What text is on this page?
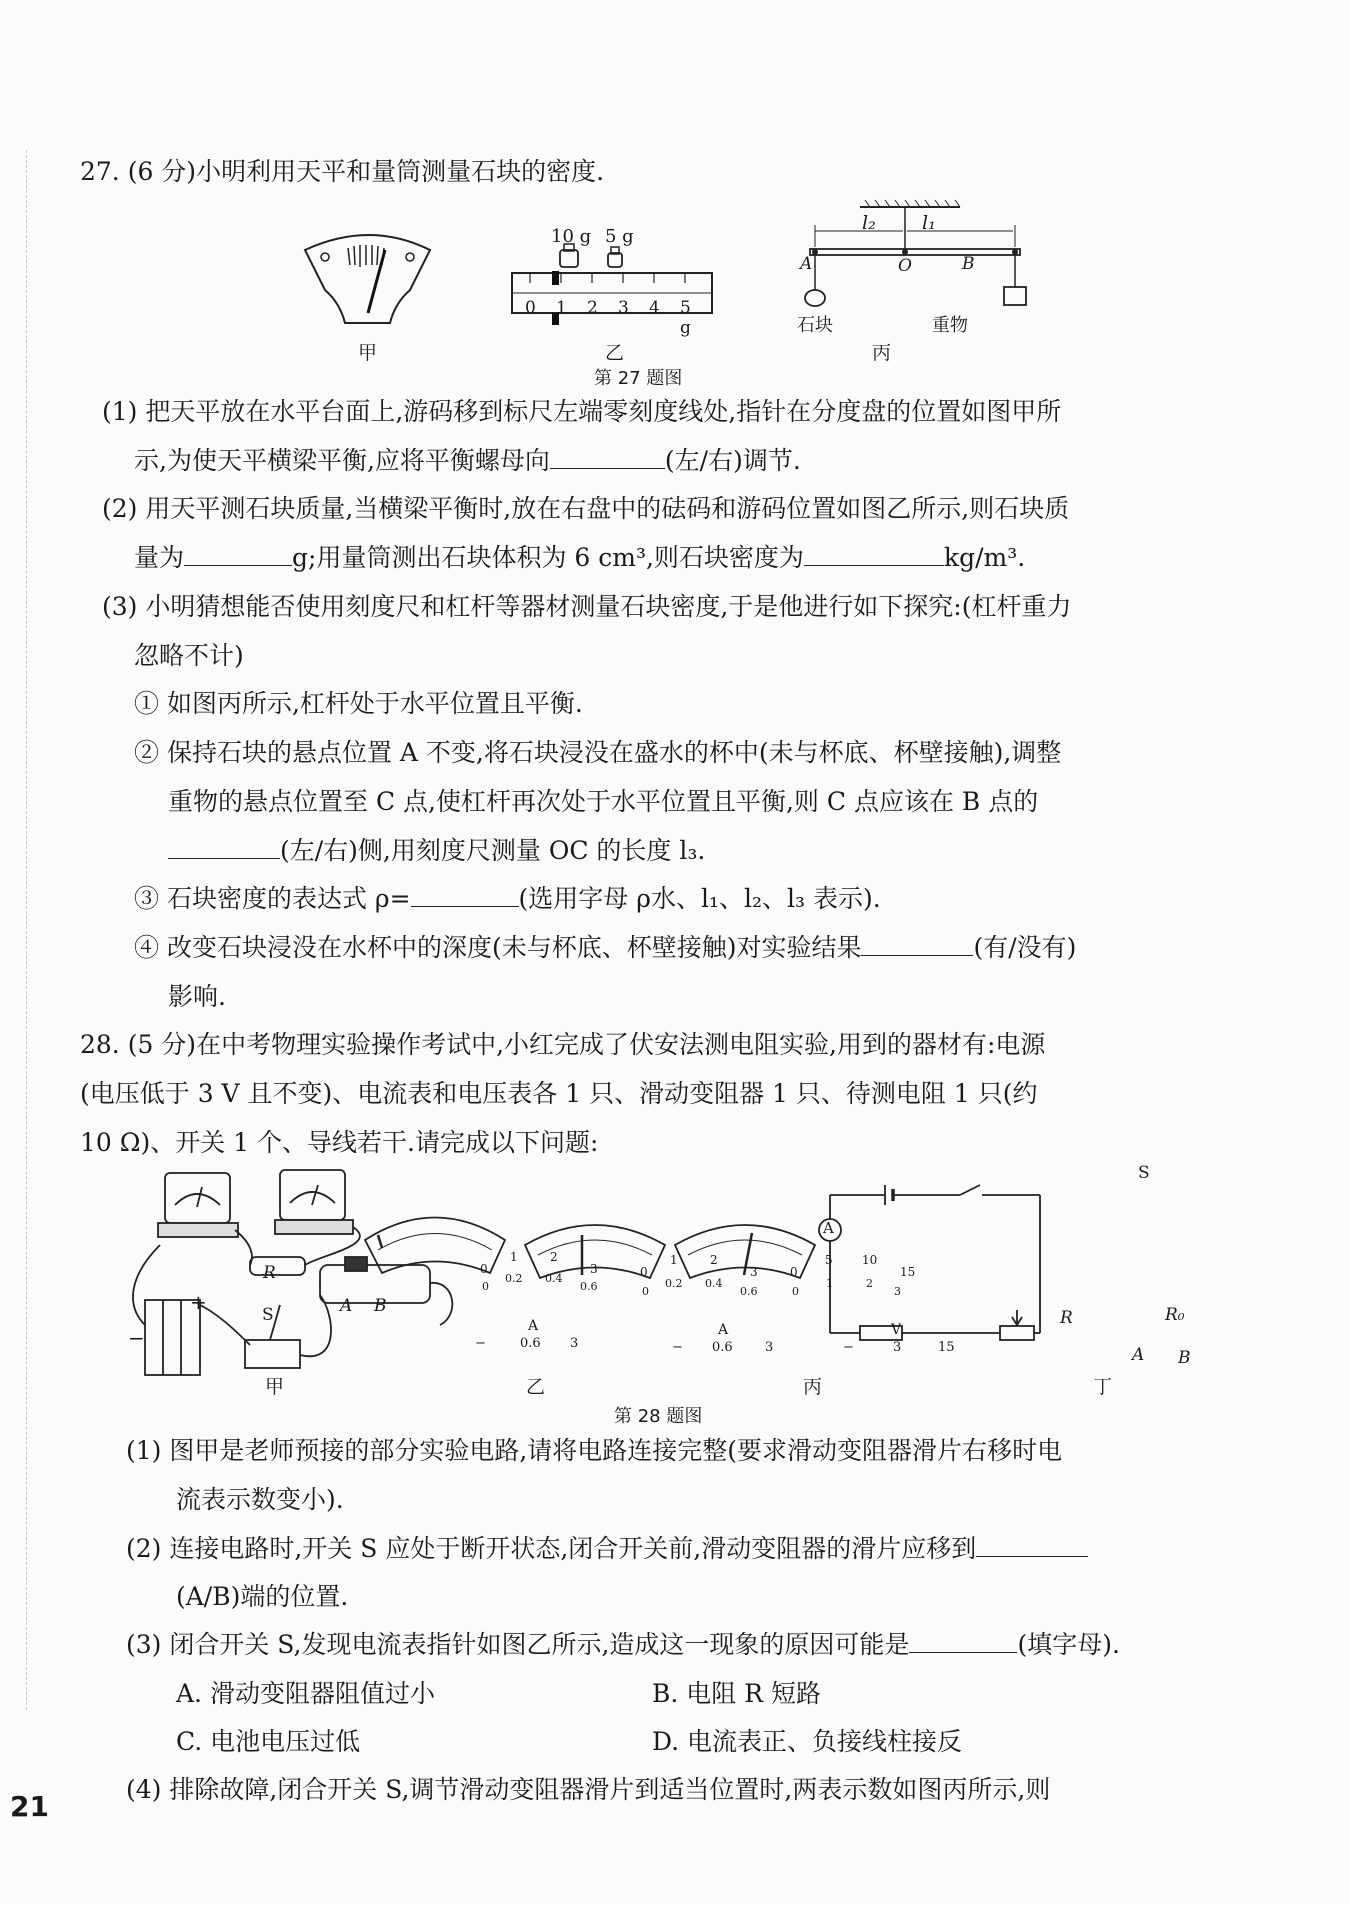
27. (6 分)小明利用天平和量筒测量石块的密度.
10 g 5 g
0 1 2 3 4 5 g
l₂ l₁
A	O	B
石块	重物
甲	乙	丙
第 27 题图
(1) 把天平放在水平台面上,游码移到标尺左端零刻度线处,指针在分度盘的位置如图甲所
示,为使天平横梁平衡,应将平衡螺母向	(左/右)调节.
(2) 用天平测石块质量,当横梁平衡时,放在右盘中的砝码和游码位置如图乙所示,则石块质
量为	g;用量筒测出石块体积为 6 cm³,则石块密度为	kg/m³.
(3) 小明猜想能否使用刻度尺和杠杆等器材测量石块密度,于是他进行如下探究:(杠杆重力
忽略不计)
① 如图丙所示,杠杆处于水平位置且平衡.
② 保持石块的悬点位置 A 不变,将石块浸没在盛水的杯中(未与杯底、杯壁接触),调整
重物的悬点位置至 C 点,使杠杆再次处于水平位置且平衡,则 C 点应该在 B 点的
(左/右)侧,用刻度尺测量 OC 的长度 l₃.
③ 石块密度的表达式 ρ=	(选用字母 ρ水、l₁、l₂、l₃ 表示).
④ 改变石块浸没在水杯中的深度(未与杯底、杯壁接触)对实验结果	(有/没有)
影响.
28. (5 分)在中考物理实验操作考试中,小红完成了伏安法测电阻实验,用到的器材有:电源
(电压低于 3 V 且不变)、电流表和电压表各 1 只、滑动变阻器 1 只、待测电阻 1 只(约
10 Ω)、开关 1 个、导线若干.请完成以下问题:
R
S	A B
+
−	A
−	0.6 3
0
1	2
3
0
0.2 0.4
0.6
0
1	2
3
0
0.2 0.4
0.6
A
− 0.6 3
0
5 10
15
0
1	2
3
V
−	3	15
S
A
R	R₀
A B
甲	乙	丙	丁
第 28 题图
(1) 图甲是老师预接的部分实验电路,请将电路连接完整(要求滑动变阻器滑片右移时电
流表示数变小).
(2) 连接电路时,开关 S 应处于断开状态,闭合开关前,滑动变阻器的滑片应移到
(A/B)端的位置.
(3) 闭合开关 S,发现电流表指针如图乙所示,造成这一现象的原因可能是	(填字母).
A. 滑动变阻器阻值过小	B. 电阻 R 短路
C. 电池电压过低	D. 电流表正、负接线柱接反
(4) 排除故障,闭合开关 S,调节滑动变阻器滑片到适当位置时,两表示数如图丙所示,则
21
